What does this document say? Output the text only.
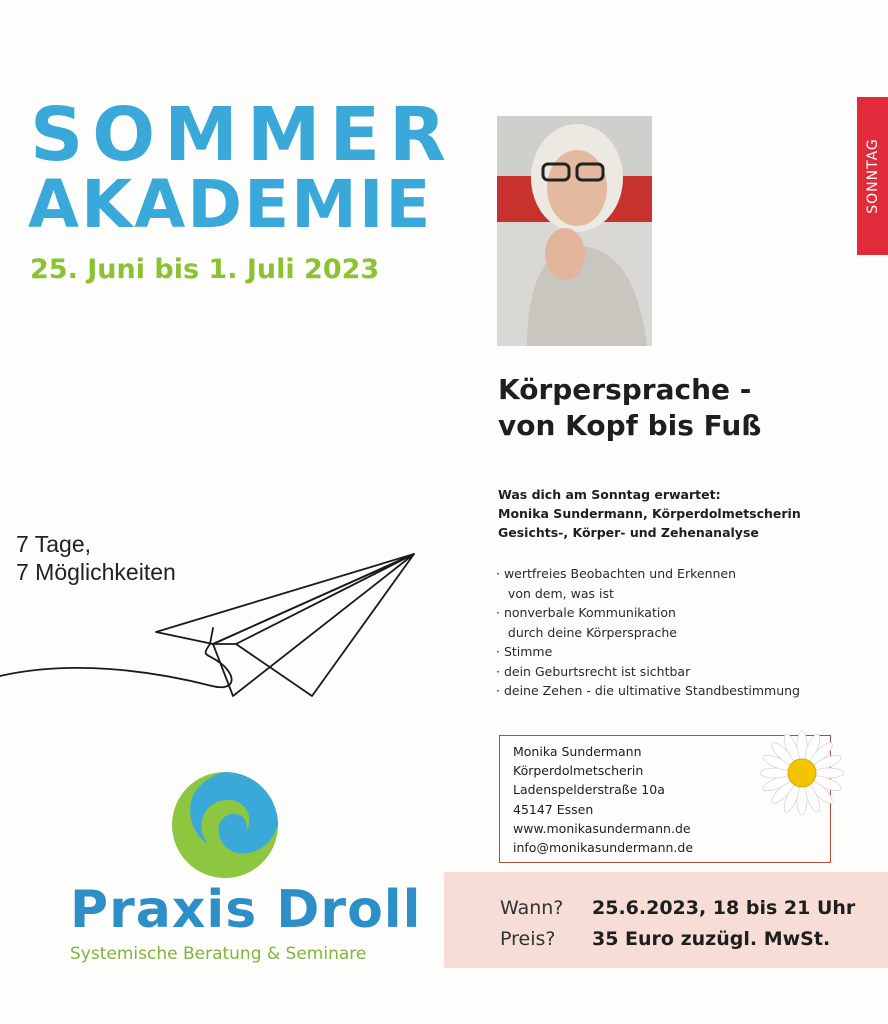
SOMMER
AKADEMIE
25. Juni bis 1. Juli 2023
7 Tage,
7 Möglichkeiten
Praxis Droll
Systemische Beratung & Seminare
SONNTAG
Körpersprache -
von Kopf bis Fuß
Was dich am Sonntag erwartet:
Monika Sundermann, Körperdolmetscherin
Gesichts-, Körper- und Zehenanalyse
· wertfreies Beobachten und Erkennen
von dem, was ist
· nonverbale Kommunikation
durch deine Körpersprache
· Stimme
· dein Geburtsrecht ist sichtbar
· deine Zehen - die ultimative Standbestimmung
Monika Sundermann
Körperdolmetscherin
Ladenspelderstraße 10a
45147 Essen
www.monikasundermann.de
info@monikasundermann.de
Wann? 25.6.2023, 18 bis 21 Uhr
Preis? 35 Euro zuzügl. MwSt.
